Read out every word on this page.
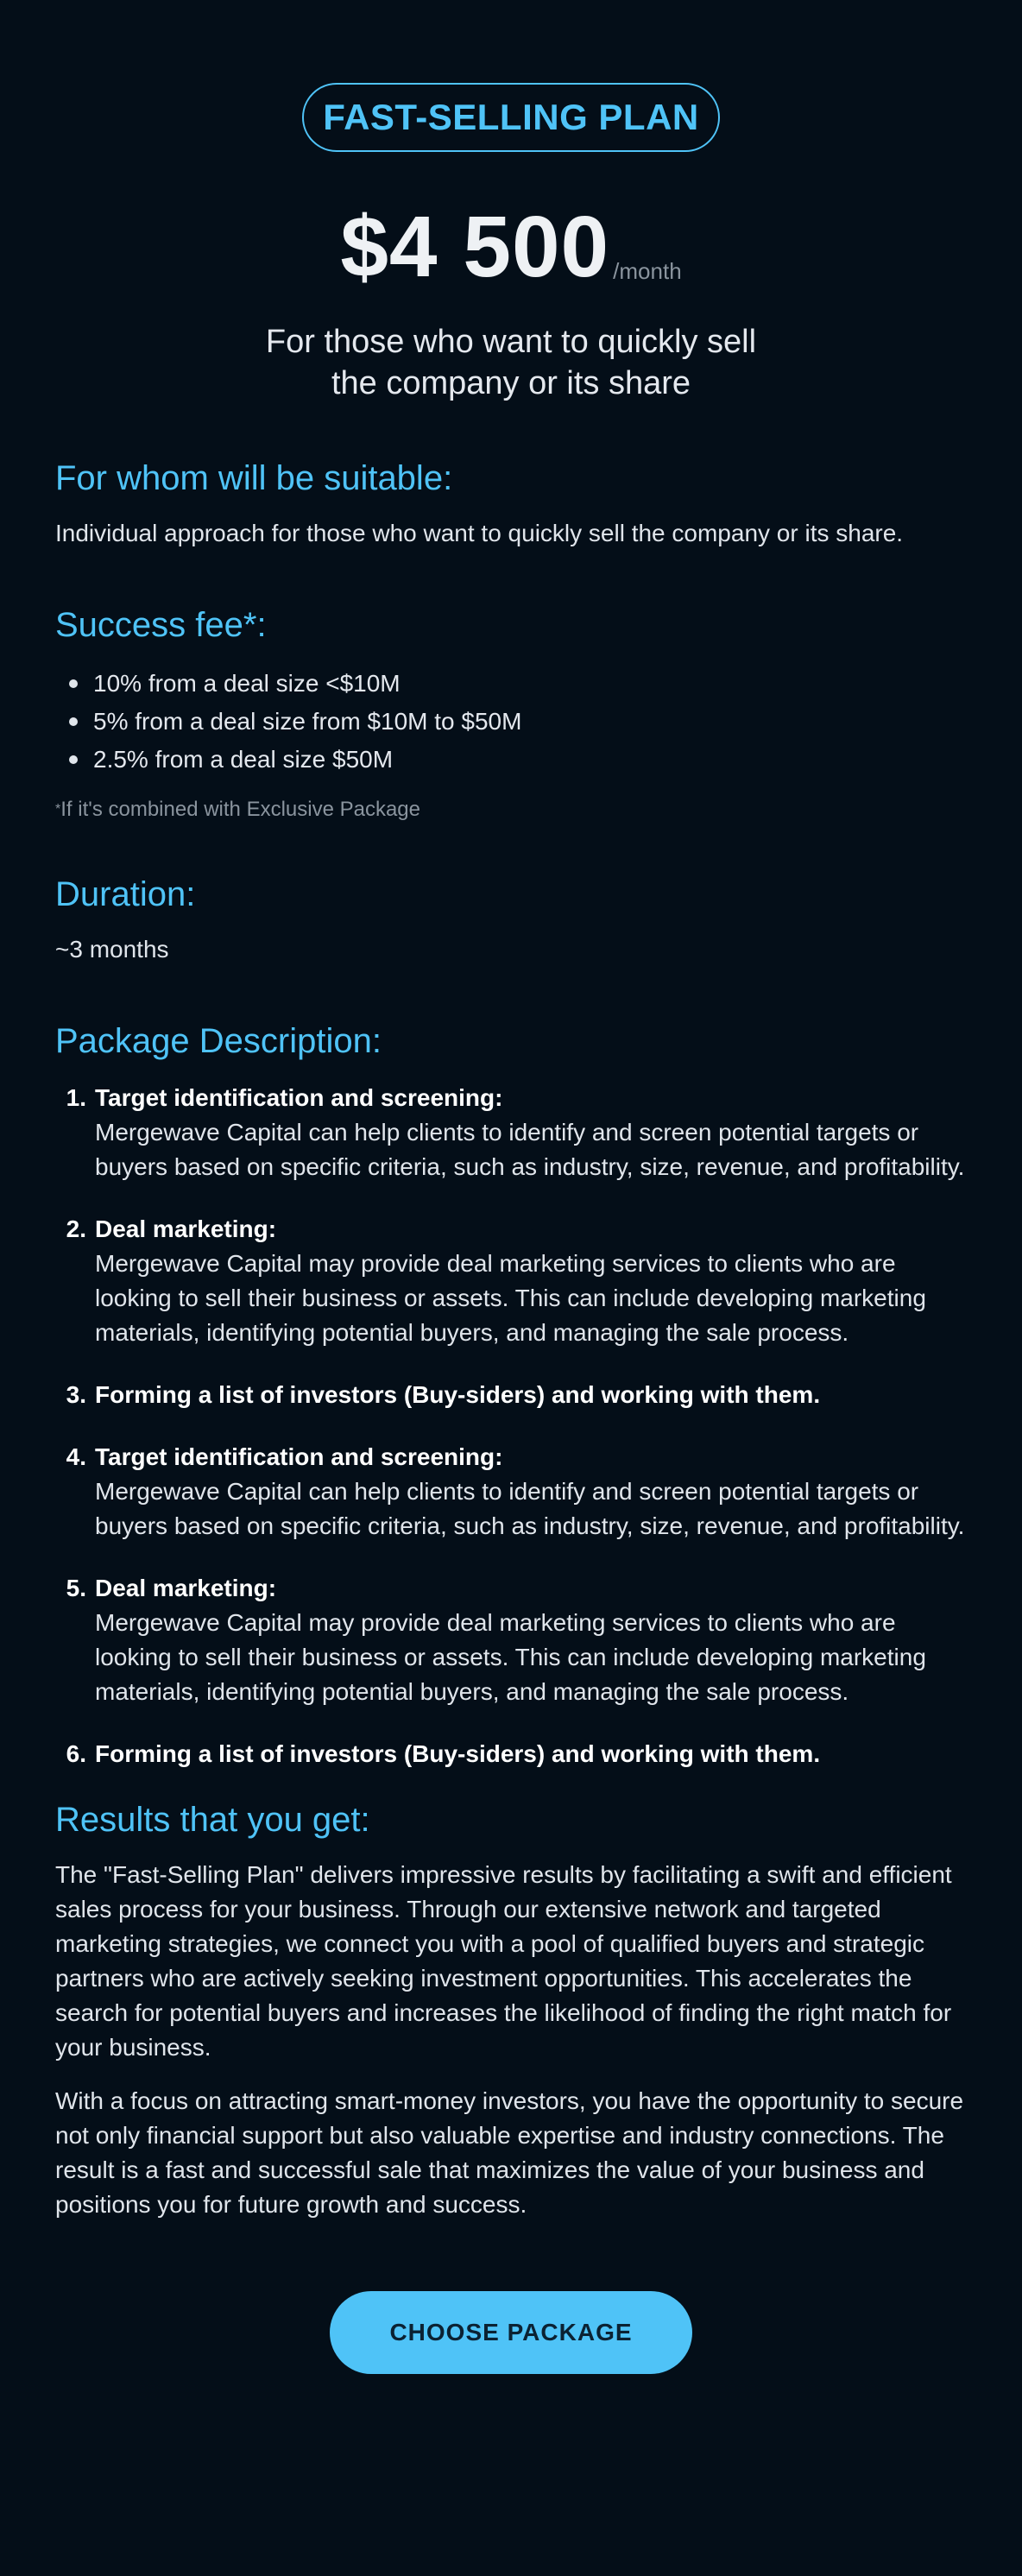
FAST-SELLING PLAN
$4 500 /month
For those who want to quickly sell
the company or its share
For whom will be suitable:

Individual approach for those who want to quickly sell the company or its share.

Success fee*:
10% from a deal size <$10M
5% from a deal size from $10M to $50M
2.5% from a deal size $50M

*If it's combined with Exclusive Package

Duration:

~3 months

Package Description:
1. Target identification and screening:
Mergewave Capital can help clients to identify and screen potential targets or buyers based on specific criteria, such as industry, size, revenue, and profitability.
2. Deal marketing:
Mergewave Capital may provide deal marketing services to clients who are looking to sell their business or assets. This can include developing marketing materials, identifying potential buyers, and managing the sale process.
3. Forming a list of investors (Buy-siders) and working with them.
4. Target identification and screening:
Mergewave Capital can help clients to identify and screen potential targets or buyers based on specific criteria, such as industry, size, revenue, and profitability.
5. Deal marketing:
Mergewave Capital may provide deal marketing services to clients who are looking to sell their business or assets. This can include developing marketing materials, identifying potential buyers, and managing the sale process.
6. Forming a list of investors (Buy-siders) and working with them.
Results that you get:

The "Fast-Selling Plan" delivers impressive results by facilitating a swift and efficient sales process for your business. Through our extensive network and targeted marketing strategies, we connect you with a pool of qualified buyers and strategic partners who are actively seeking investment opportunities. This accelerates the search for potential buyers and increases the likelihood of finding the right match for your business.

With a focus on attracting smart-money investors, you have the opportunity to secure not only financial support but also valuable expertise and industry connections. The result is a fast and successful sale that maximizes the value of your business and positions you for future growth and success.

CHOOSE PACKAGE
